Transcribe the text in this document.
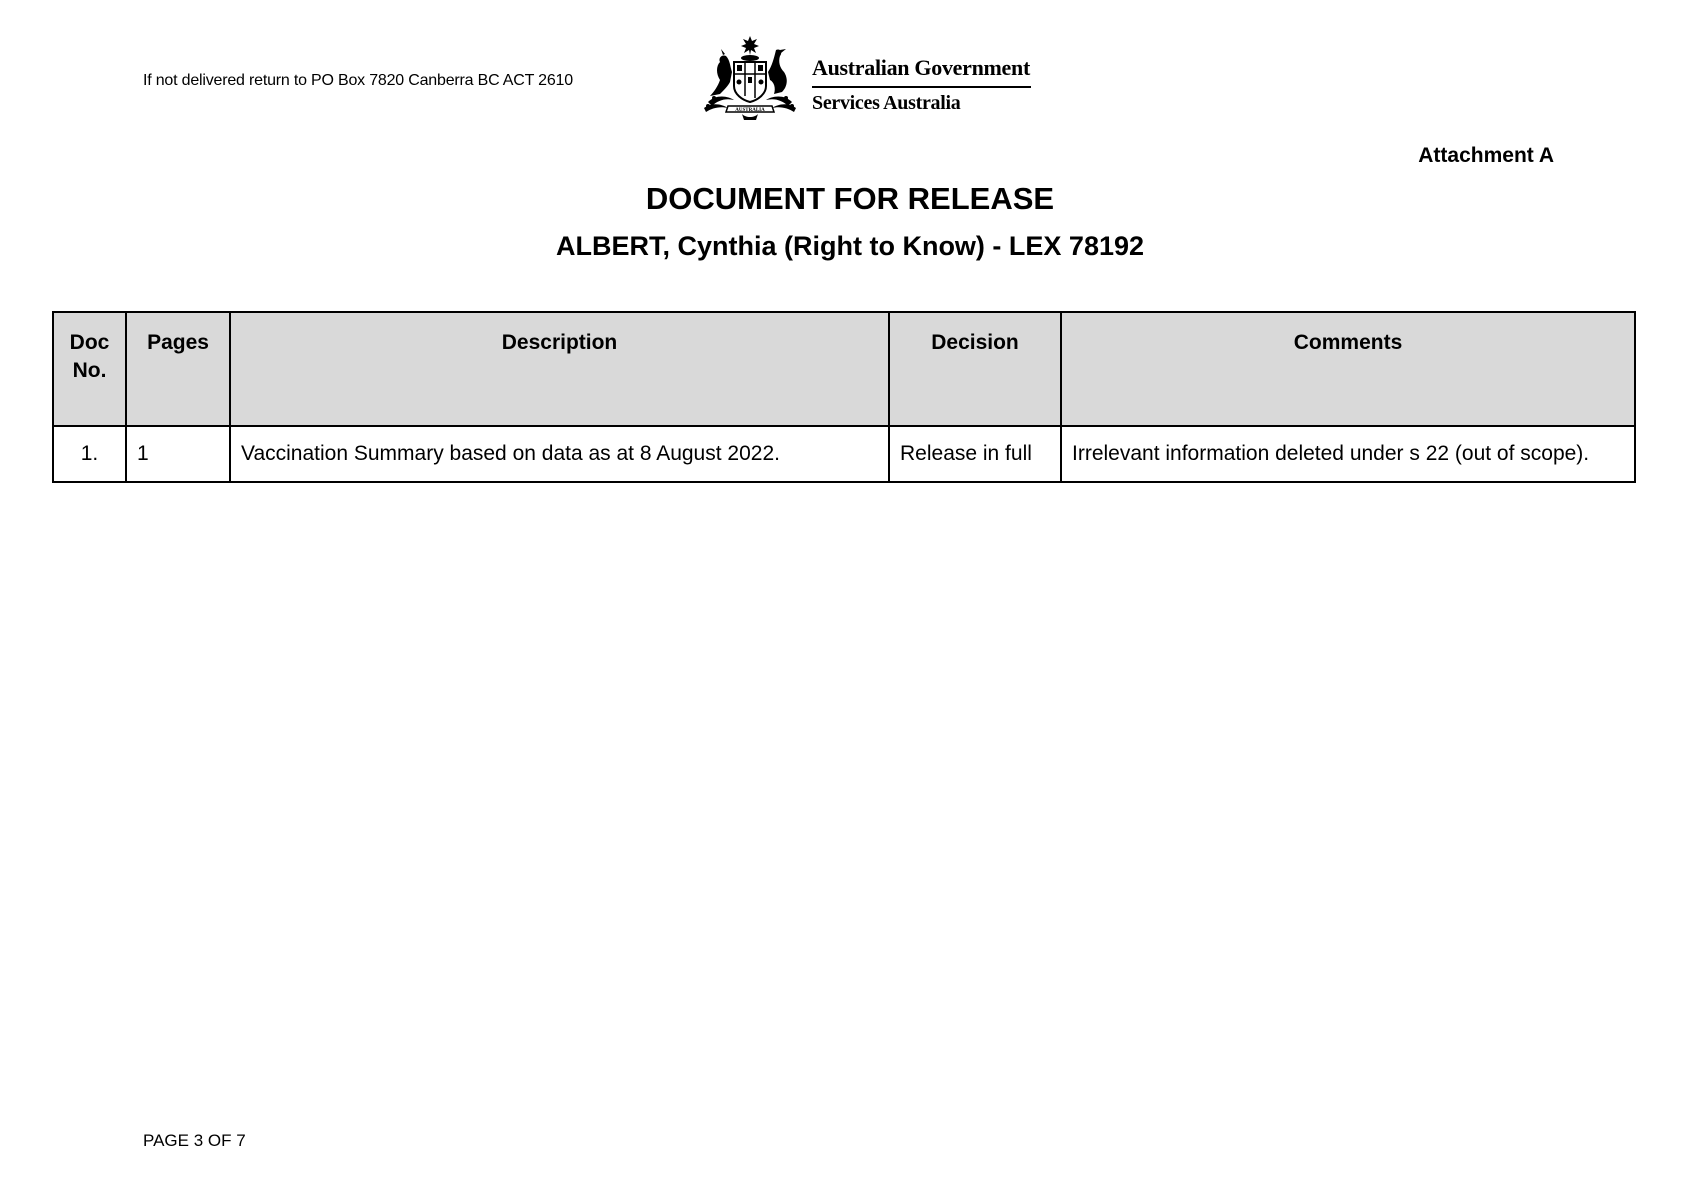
If not delivered return to PO Box 7820 Canberra BC ACT 2610
AUSTRALIA
Australian Government
Services Australia
Attachment A
DOCUMENT FOR RELEASE
ALBERT, Cynthia (Right to Know) - LEX 78192
Doc
No.	Pages	Description	Decision	Comments
1.	1	Vaccination Summary based on data as at 8 August 2022.	Release in full	Irrelevant information deleted under s 22 (out of scope).
PAGE 3 OF 7
